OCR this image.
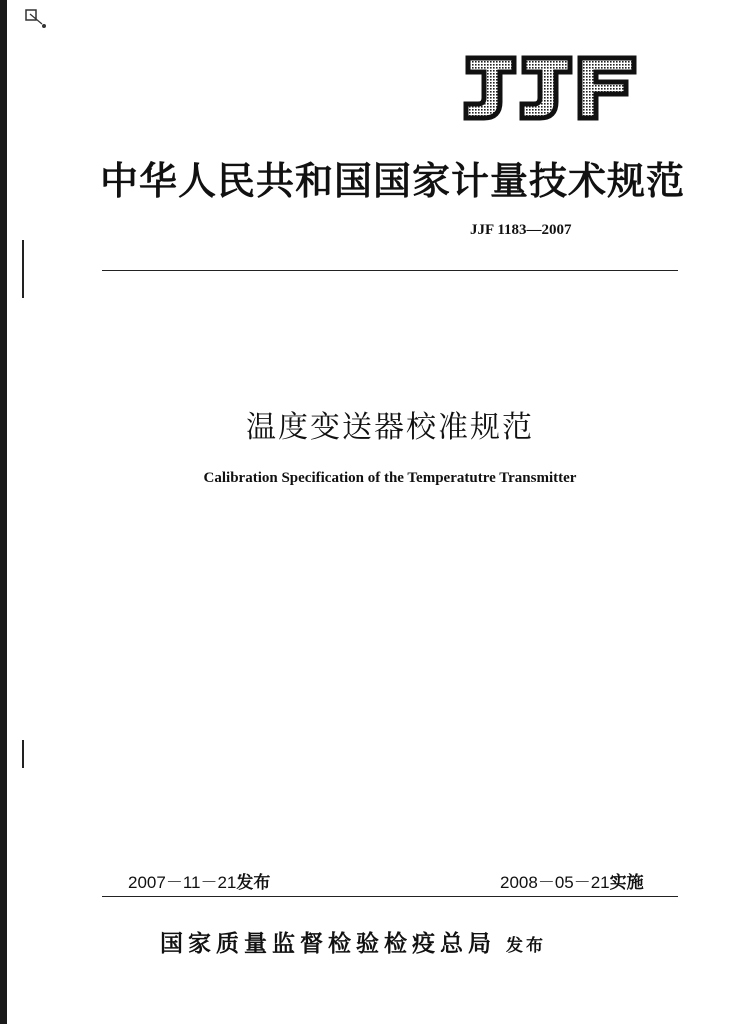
中华人民共和国国家计量技术规范
JJF 1183—2007
温度变送器校准规范
Calibration Specification of the Temperatutre Transmitter
2007－11－21发布	2008－05－21实施
国家质量监督检验检疫总局 发布
